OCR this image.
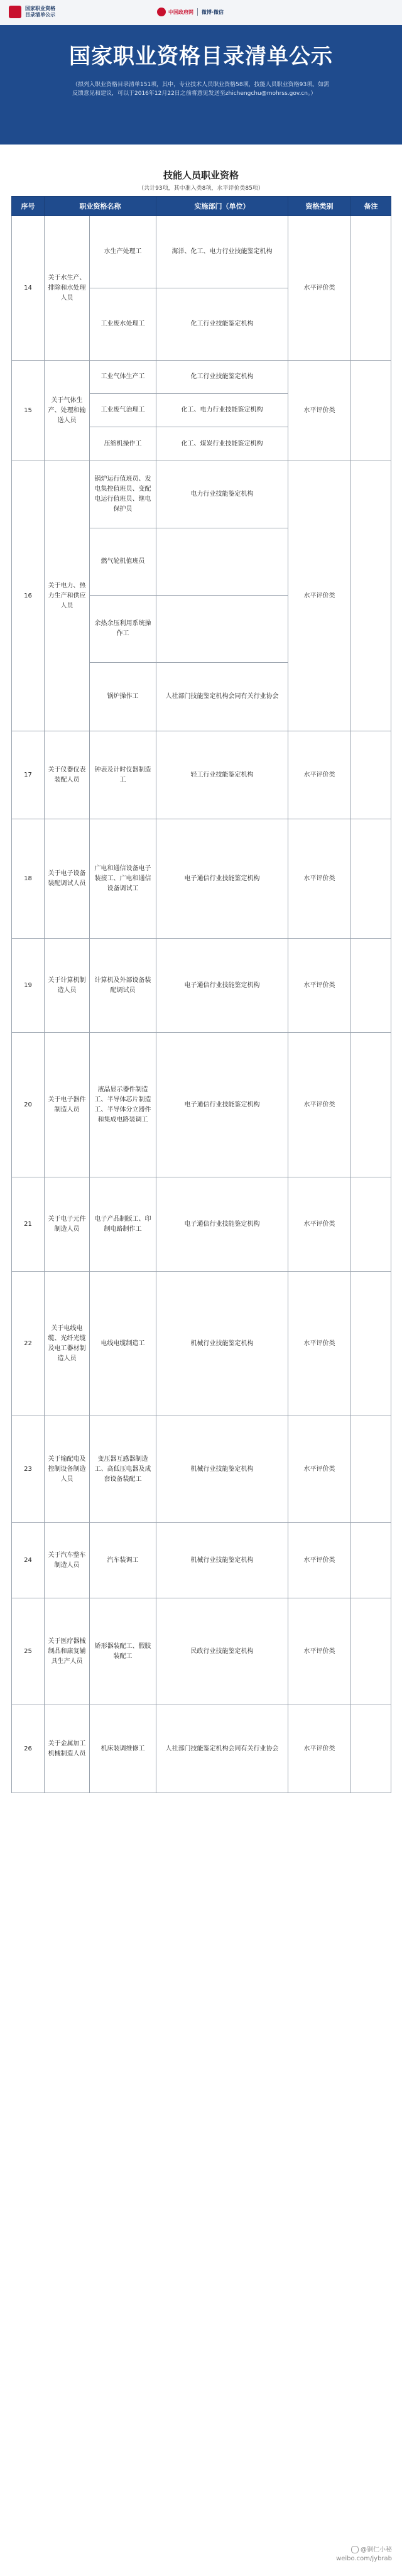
国家职业资格
目录清单公示	中国政府网 微博·微信
国家职业资格目录清单公示
（拟列入职业资格目录清单151项，其中，专业技术人员职业资格58项，技能人员职业资格93项。如需反馈意见和建议，可以于2016年12月22日之前将意见发送至zhichengchu@mohrss.gov.cn。）
技能人员职业资格
（共计93项，其中准入类8项，水平评价类85项）
序号	职业资格名称		实施部门（单位）	资格类别	备注
14	关于水生产、排除和水处理人员	水生产处理工	海洋、化工、电力行业技能鉴定机构	水平评价类	
		工业废水处理工	化工行业技能鉴定机构		
15	关于气体生产、处理和输送人员	工业气体生产工	化工行业技能鉴定机构	水平评价类	
		工业废气治理工	化工、电力行业技能鉴定机构		
		压缩机操作工	化工、煤炭行业技能鉴定机构		
16	关于电力、热力生产和供应人员	锅炉运行值班员、发电集控值班员、变配电运行值班员、继电保护员	电力行业技能鉴定机构	水平评价类	
		燃气轮机值班员			
		余热余压利用系统操作工			
		锅炉操作工	人社部门技能鉴定机构会同有关行业协会		
17	关于仪器仪表装配人员	钟表及计时仪器制造工	轻工行业技能鉴定机构	水平评价类	
18	关于电子设备装配调试人员	广电和通信设备电子装接工、广电和通信设备调试工	电子通信行业技能鉴定机构	水平评价类	
19	关于计算机制造人员	计算机及外部设备装配调试员	电子通信行业技能鉴定机构	水平评价类	
20	关于电子器件制造人员	液晶显示器件制造工、半导体芯片制造工、半导体分立器件和集成电路装调工	电子通信行业技能鉴定机构	水平评价类	
21	关于电子元件制造人员	电子产品制版工、印制电路制作工	电子通信行业技能鉴定机构	水平评价类	
22	关于电线电缆、光纤光缆及电工器材制造人员	电线电缆制造工	机械行业技能鉴定机构	水平评价类	
23	关于输配电及控制设备制造人员	变压器互感器制造工、高低压电器及成套设备装配工	机械行业技能鉴定机构	水平评价类	
24	关于汽车整车制造人员	汽车装调工	机械行业技能鉴定机构	水平评价类	
25	关于医疗器械制品和康复辅具生产人员	矫形器装配工、假肢装配工	民政行业技能鉴定机构	水平评价类	
26	关于金属加工机械制造人员	机床装调维修工	人社部门技能鉴定机构会同有关行业协会	水平评价类	
@铜仁小秘
weibo.com/jybrab
